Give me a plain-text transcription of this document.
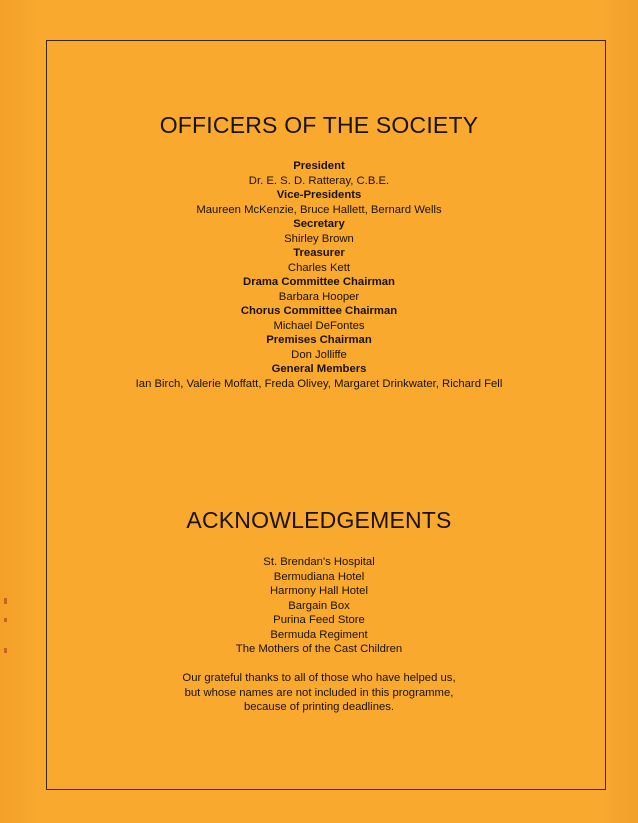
OFFICERS OF THE SOCIETY
President
Dr. E. S. D. Ratteray, C.B.E.
Vice-Presidents
Maureen McKenzie, Bruce Hallett, Bernard Wells
Secretary
Shirley Brown
Treasurer
Charles Kett
Drama Committee Chairman
Barbara Hooper
Chorus Committee Chairman
Michael DeFontes
Premises Chairman
Don Jolliffe
General Members
Ian Birch, Valerie Moffatt, Freda Olivey, Margaret Drinkwater, Richard Fell
ACKNOWLEDGEMENTS
St. Brendan's Hospital
Bermudiana Hotel
Harmony Hall Hotel
Bargain Box
Purina Feed Store
Bermuda Regiment
The Mothers of the Cast Children
Our grateful thanks to all of those who have helped us,
but whose names are not included in this programme,
because of printing deadlines.
